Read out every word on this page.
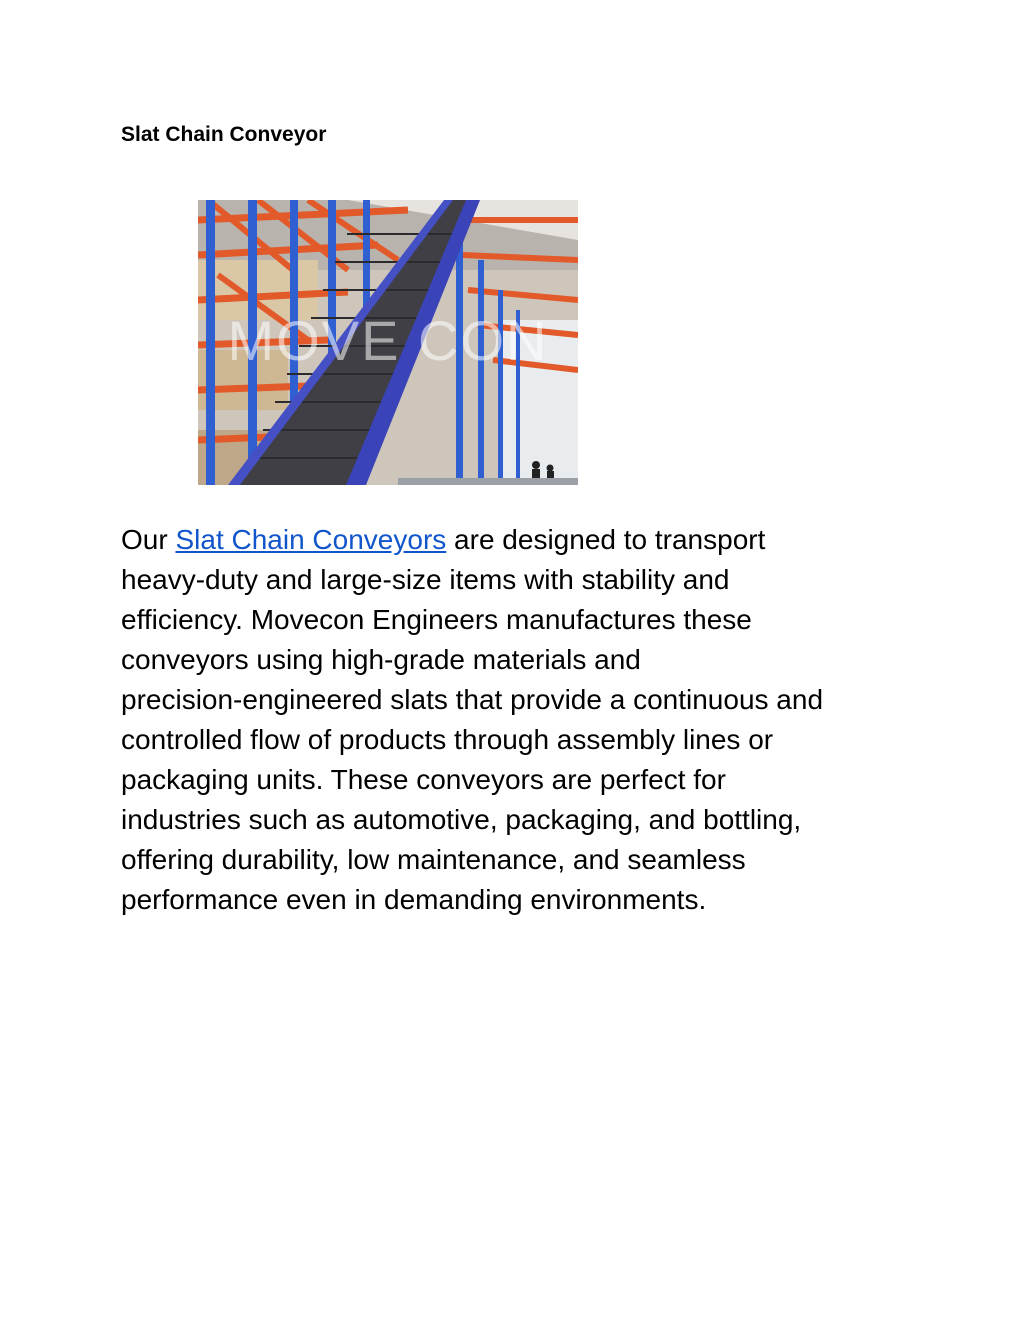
Slat Chain Conveyor
MOVE CON

Our Slat Chain Conveyors are designed to transport
heavy-duty and large-size items with stability and
efficiency. Movecon Engineers manufactures these
conveyors using high-grade materials and
precision-engineered slats that provide a continuous and
controlled flow of products through assembly lines or
packaging units. These conveyors are perfect for
industries such as automotive, packaging, and bottling,
offering durability, low maintenance, and seamless
performance even in demanding environments.
